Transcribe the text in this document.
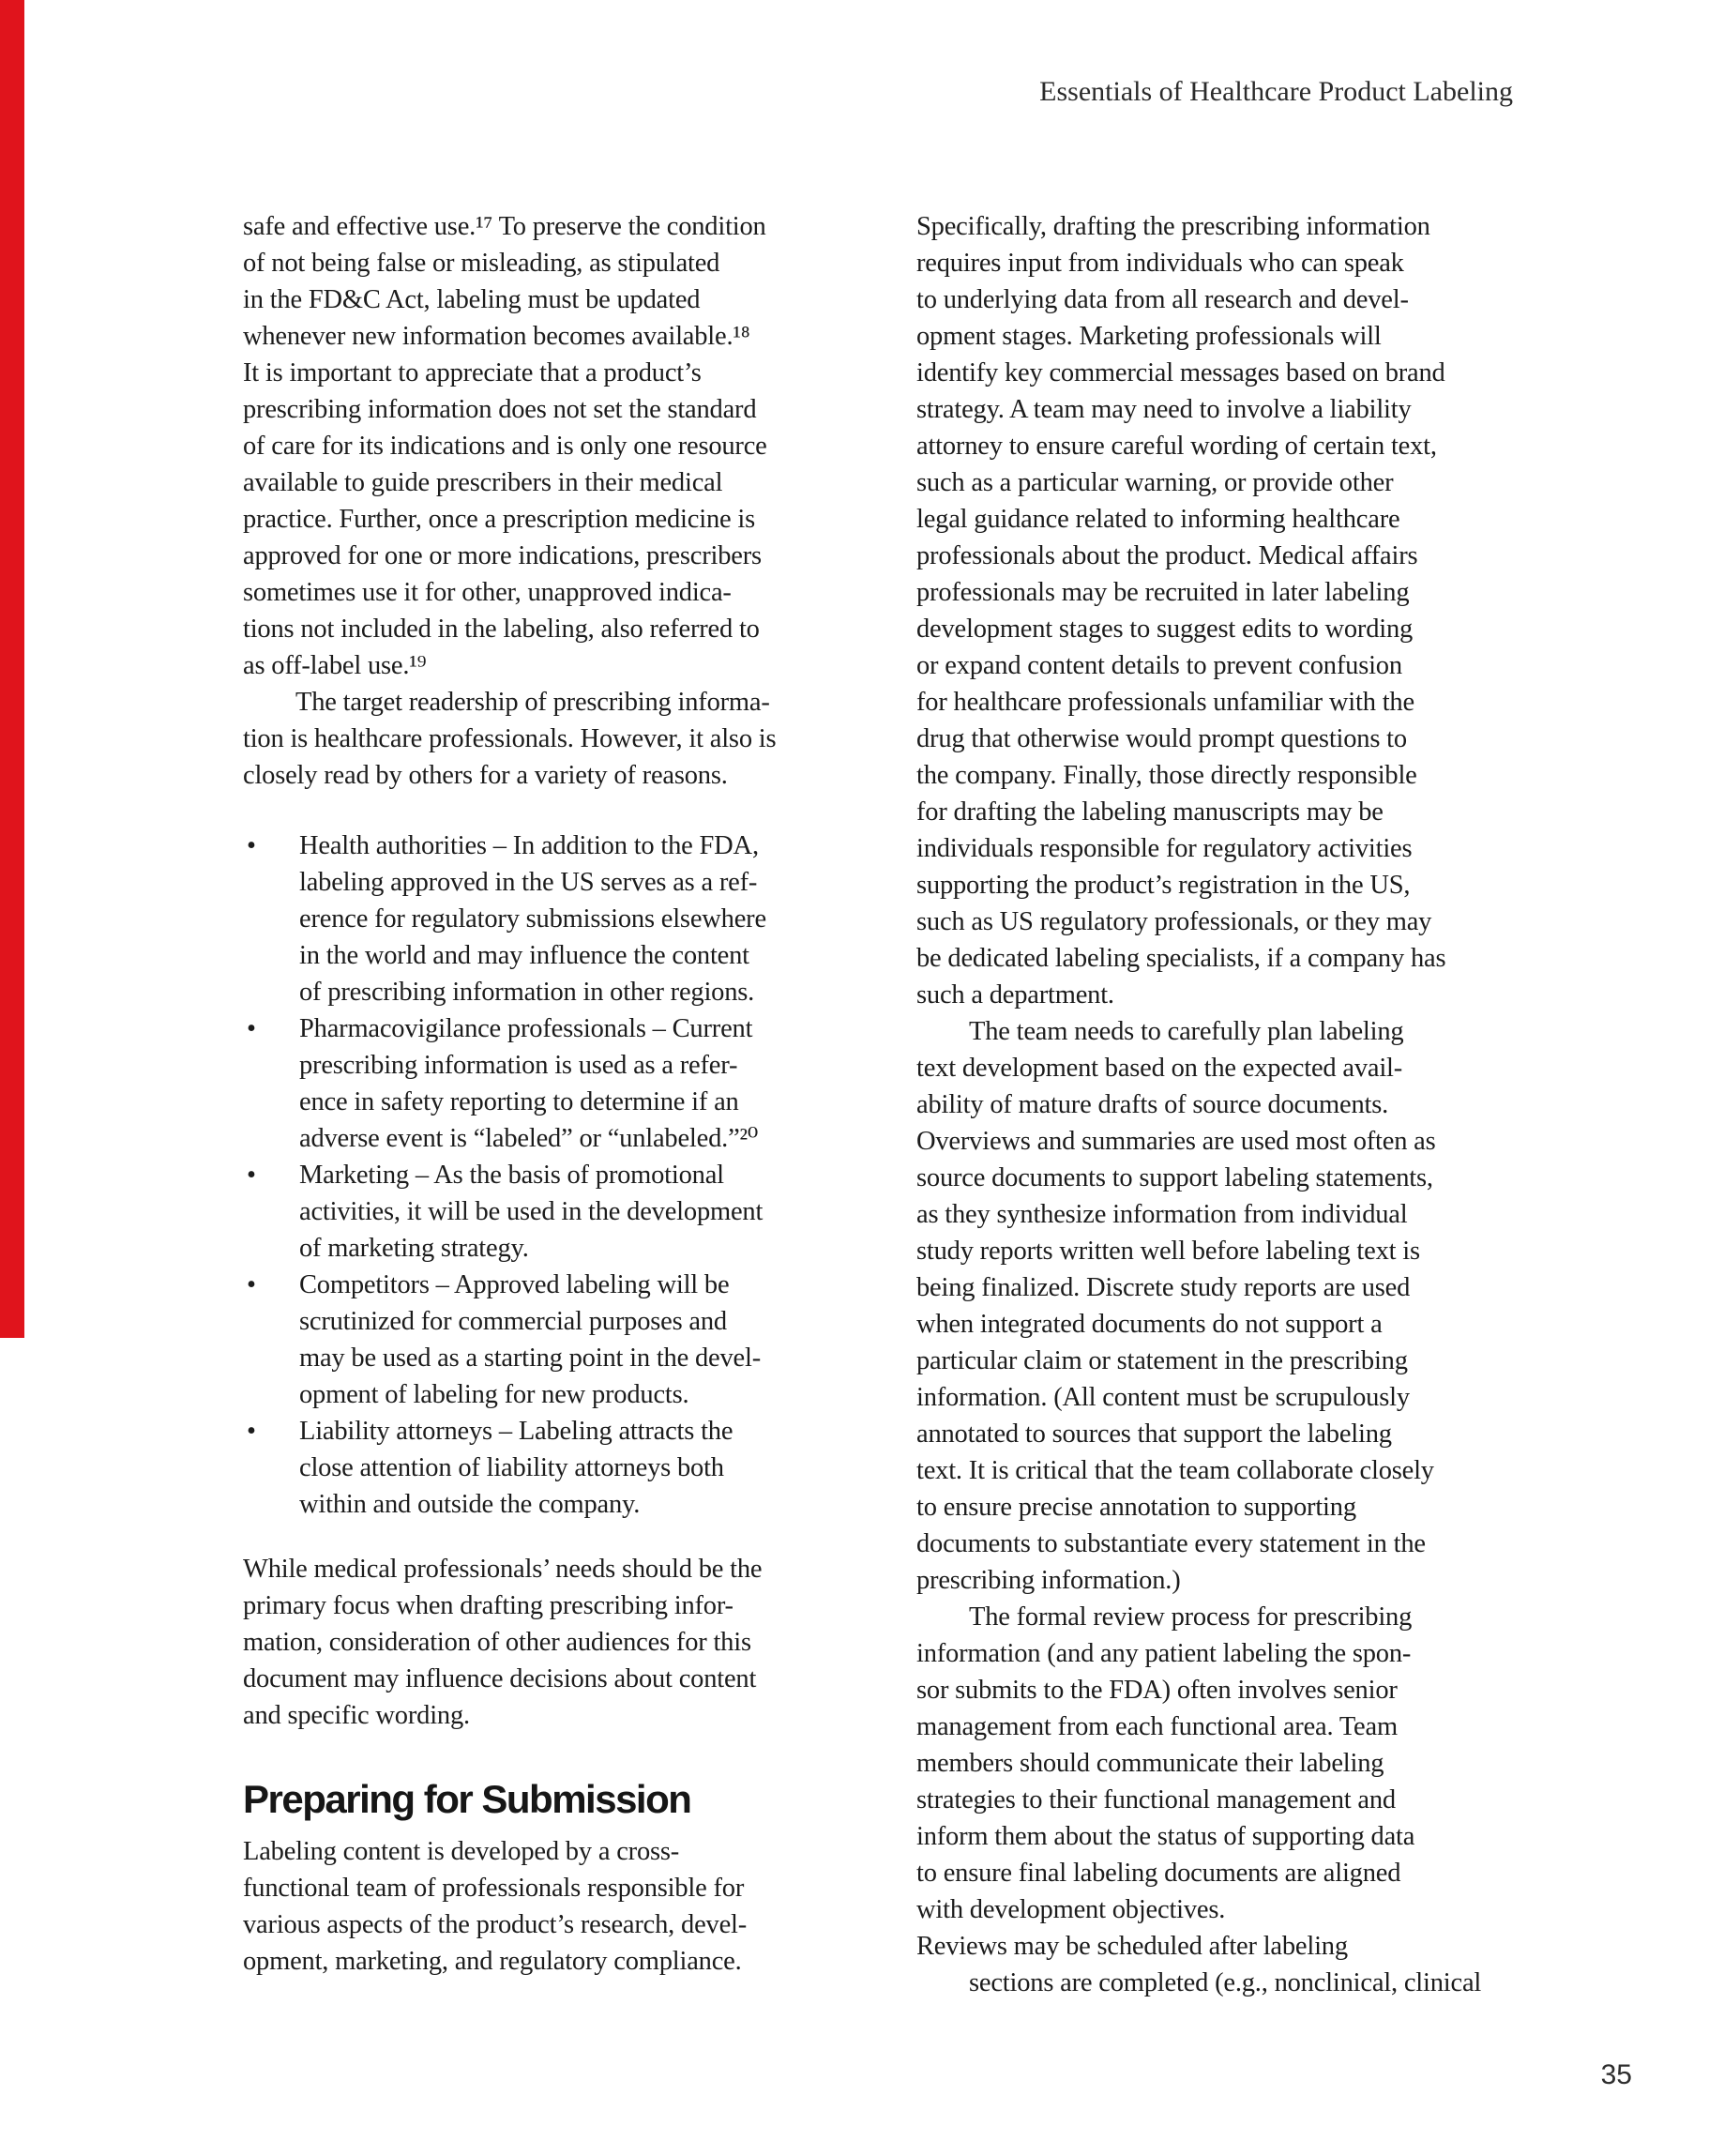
Essentials of Healthcare Product Labeling
safe and effective use.¹⁷ To preserve the condition
of not being false or misleading, as stipulated
in the FD&C Act, labeling must be updated
whenever new information becomes available.¹⁸
It is important to appreciate that a product’s
prescribing information does not set the standard
of care for its indications and is only one resource
available to guide prescribers in their medical
practice. Further, once a prescription medicine is
approved for one or more indications, prescribers
sometimes use it for other, unapproved indica-
tions not included in the labeling, also referred to
as off-label use.¹⁹
The target readership of prescribing informa-
tion is healthcare professionals. However, it also is
closely read by others for a variety of reasons.
• Health authorities – In addition to the FDA,
labeling approved in the US serves as a ref-
erence for regulatory submissions elsewhere
in the world and may influence the content
of prescribing information in other regions.
• Pharmacovigilance professionals – Current
prescribing information is used as a refer-
ence in safety reporting to determine if an
adverse event is “labeled” or “unlabeled.”²⁰
• Marketing – As the basis of promotional
activities, it will be used in the development
of marketing strategy.
• Competitors – Approved labeling will be
scrutinized for commercial purposes and
may be used as a starting point in the devel-
opment of labeling for new products.
• Liability attorneys – Labeling attracts the
close attention of liability attorneys both
within and outside the company.
While medical professionals’ needs should be the
primary focus when drafting prescribing infor-
mation, consideration of other audiences for this
document may influence decisions about content
and specific wording.
Preparing for Submission
Labeling content is developed by a cross-
functional team of professionals responsible for
various aspects of the product’s research, devel-
opment, marketing, and regulatory compliance.
Specifically, drafting the prescribing information
requires input from individuals who can speak
to underlying data from all research and devel-
opment stages. Marketing professionals will
identify key commercial messages based on brand
strategy. A team may need to involve a liability
attorney to ensure careful wording of certain text,
such as a particular warning, or provide other
legal guidance related to informing healthcare
professionals about the product. Medical affairs
professionals may be recruited in later labeling
development stages to suggest edits to wording
or expand content details to prevent confusion
for healthcare professionals unfamiliar with the
drug that otherwise would prompt questions to
the company. Finally, those directly responsible
for drafting the labeling manuscripts may be
individuals responsible for regulatory activities
supporting the product’s registration in the US,
such as US regulatory professionals, or they may
be dedicated labeling specialists, if a company has
such a department.
The team needs to carefully plan labeling
text development based on the expected avail-
ability of mature drafts of source documents.
Overviews and summaries are used most often as
source documents to support labeling statements,
as they synthesize information from individual
study reports written well before labeling text is
being finalized. Discrete study reports are used
when integrated documents do not support a
particular claim or statement in the prescribing
information. (All content must be scrupulously
annotated to sources that support the labeling
text. It is critical that the team collaborate closely
to ensure precise annotation to supporting
documents to substantiate every statement in the
prescribing information.)
The formal review process for prescribing
information (and any patient labeling the spon-
sor submits to the FDA) often involves senior
management from each functional area. Team
members should communicate their labeling
strategies to their functional management and
inform them about the status of supporting data
to ensure final labeling documents are aligned
with development objectives.
Reviews may be scheduled after labeling
sections are completed (e.g., nonclinical, clinical
35
